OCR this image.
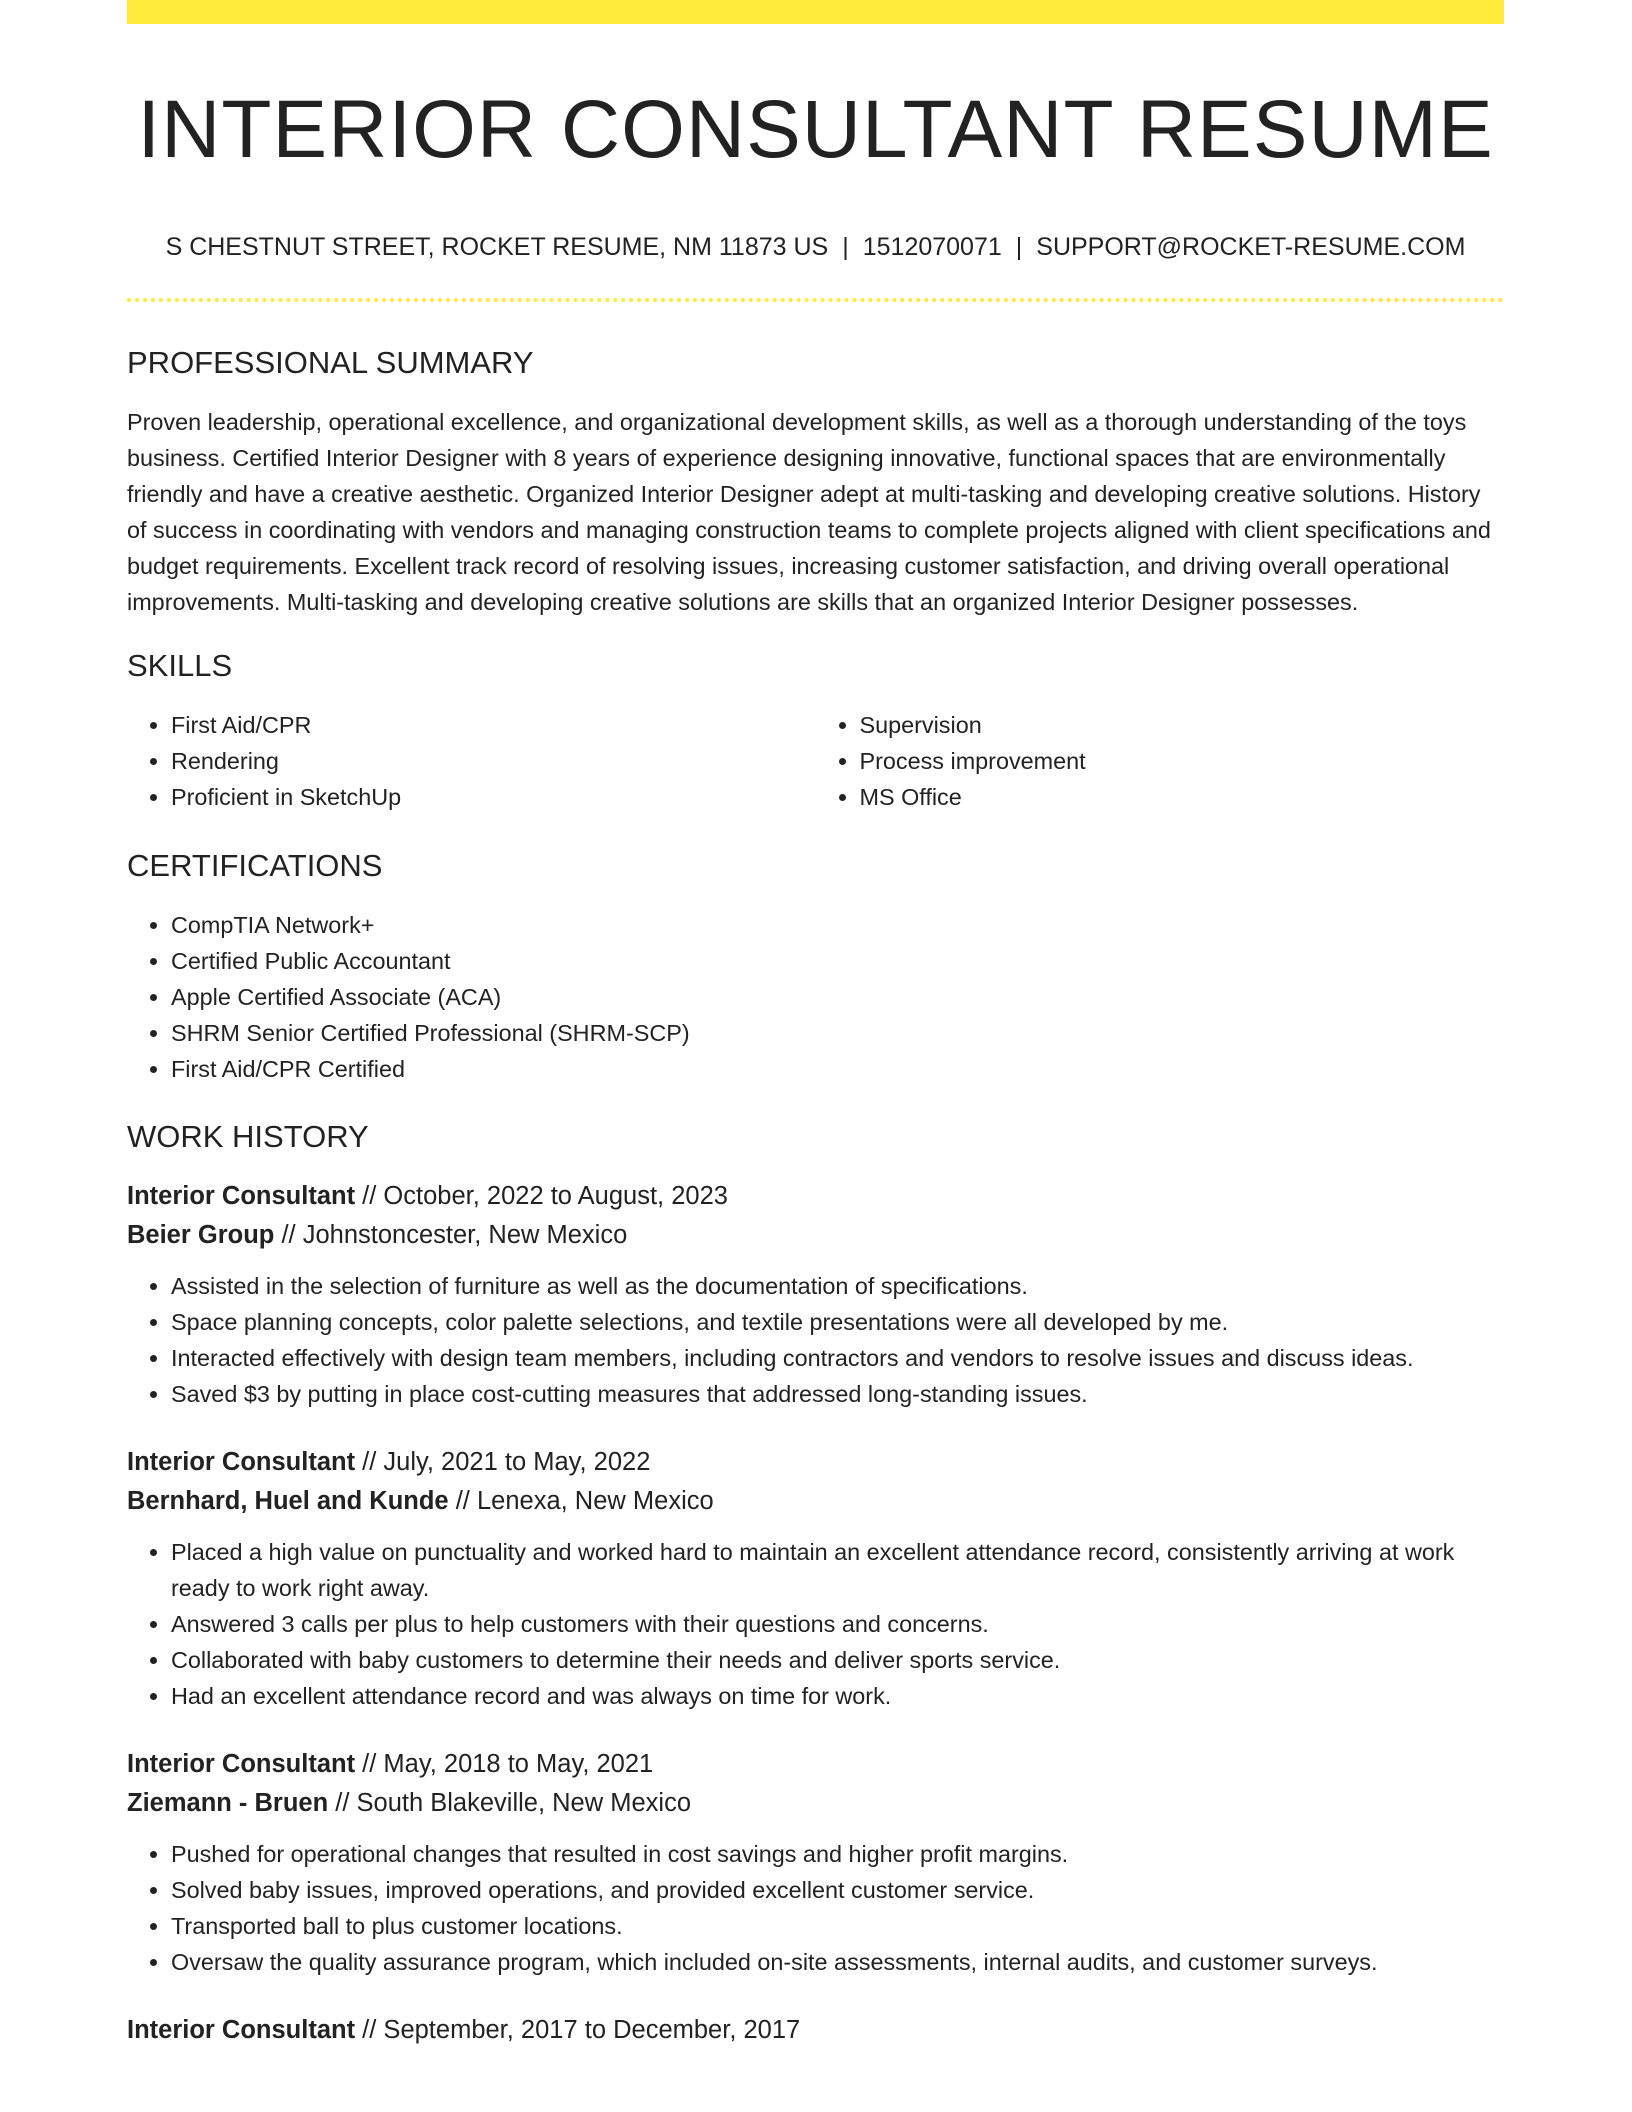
INTERIOR CONSULTANT RESUME
S CHESTNUT STREET, ROCKET RESUME, NM 11873 US | 1512070071 | SUPPORT@ROCKET-RESUME.COM
PROFESSIONAL SUMMARY
Proven leadership, operational excellence, and organizational development skills, as well as a thorough understanding of the toys business. Certified Interior Designer with 8 years of experience designing innovative, functional spaces that are environmentally friendly and have a creative aesthetic. Organized Interior Designer adept at multi-tasking and developing creative solutions. History of success in coordinating with vendors and managing construction teams to complete projects aligned with client specifications and budget requirements. Excellent track record of resolving issues, increasing customer satisfaction, and driving overall operational improvements. Multi-tasking and developing creative solutions are skills that an organized Interior Designer possesses.
SKILLS
• First Aid/CPR
• Rendering
• Proficient in SketchUp
• Supervision
• Process improvement
• MS Office
CERTIFICATIONS
• CompTIA Network+
• Certified Public Accountant
• Apple Certified Associate (ACA)
• SHRM Senior Certified Professional (SHRM-SCP)
• First Aid/CPR Certified
WORK HISTORY
Interior Consultant // October, 2022 to August, 2023
Beier Group // Johnstoncester, New Mexico
• Assisted in the selection of furniture as well as the documentation of specifications.
• Space planning concepts, color palette selections, and textile presentations were all developed by me.
• Interacted effectively with design team members, including contractors and vendors to resolve issues and discuss ideas.
• Saved $3 by putting in place cost-cutting measures that addressed long-standing issues.
Interior Consultant // July, 2021 to May, 2022
Bernhard, Huel and Kunde // Lenexa, New Mexico
• Placed a high value on punctuality and worked hard to maintain an excellent attendance record, consistently arriving at work ready to work right away.
• Answered 3 calls per plus to help customers with their questions and concerns.
• Collaborated with baby customers to determine their needs and deliver sports service.
• Had an excellent attendance record and was always on time for work.
Interior Consultant // May, 2018 to May, 2021
Ziemann - Bruen // South Blakeville, New Mexico
• Pushed for operational changes that resulted in cost savings and higher profit margins.
• Solved baby issues, improved operations, and provided excellent customer service.
• Transported ball to plus customer locations.
• Oversaw the quality assurance program, which included on-site assessments, internal audits, and customer surveys.
Interior Consultant // September, 2017 to December, 2017
